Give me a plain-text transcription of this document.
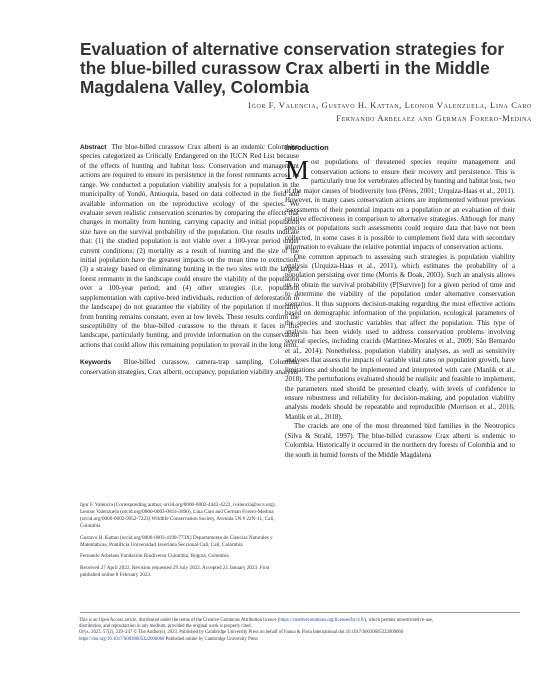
Evaluation of alternative conservation strategies for the blue-billed curassow Crax alberti in the Middle Magdalena Valley, Colombia
Igor F. Valencia, Gustavo H. Kattan, Leonor Valenzuela, Lina Caro
Fernando Arbelaez and German Forero-Medina

Abstract The blue-billed curassow Crax alberti is an endemic Colombian species categorized as Critically Endangered on the IUCN Red List because of the effects of hunting and habitat loss. Conservation and management actions are required to ensure its persistence in the forest remnants across its range. We conducted a population viability analysis for a population in the municipality of Yondó, Antioquia, based on data collected in the field and available information on the reproductive ecology of the species. We evaluate seven realistic conservation scenarios by comparing the effects that changes in mortality from hunting, carrying capacity and initial population size have on the survival probability of the population. Our results indicate that: (1) the studied population is not viable over a 100-year period under current conditions; (2) mortality as a result of hunting and the size of the initial population have the greatest impacts on the mean time to extinction; (3) a strategy based on eliminating hunting in the two sites with the largest forest remnants in the landscape could ensure the viability of the population over a 100-year period; and (4) other strategies (i.e. population supplementation with captive-bred individuals, reduction of deforestation in the landscape) do not guarantee the viability of the population if mortality from hunting remains constant, even at low levels. These results confirm the susceptibility of the blue-billed curassow to the threats it faces in this landscape, particularly hunting, and provide information on the conservation actions that could allow this remaining population to prevail in the long term.

Keywords Blue-billed curassow, camera-trap sampling, Colombia, conservation strategies, Crax alberti, occupancy, population viability analysis

Igor F. Valencia (Corresponding author, orcid.org/0000-0002-4442-4222, ivalencia@wcs.org), Leonor Valenzuela (orcid.org/0000-0003-0814-3890), Lina Caro and German Forero-Medina (orcid.org/0000-0002-9952-7223) Wildlife Conservation Society, Avenida 5N # 22N-11, Cali, Colombia
Gustavo H. Kattan (orcid.org/0000-0003-4198-773X) Departamento de Ciencias Naturales y Matemáticas, Pontificia Universidad Javeriana Seccional Cali, Cali, Colombia
Fernando Arbelaez Fundación Biodiversa Colombia, Bogotá, Colombia
Received 27 April 2022. Revision requested 29 July 2022. Accepted 25 January 2023. First published online 8 February 2023.
Introduction

Most populations of threatened species require management and conservation actions to ensure their recovery and persistence. This is particularly true for vertebrates affected by hunting and habitat loss, two of the major causes of biodiversity loss (Péres, 2001; Urquiza-Haas et al., 2011). However, in many cases conservation actions are implemented without previous assessments of their potential impacts on a population or an evaluation of their relative effectiveness in comparison to alternative strategies. Although for many species or populations such assessments could require data that have not been collected, in some cases it is possible to complement field data with secondary information to evaluate the relative potential impacts of conservation actions.

One common approach to assessing such strategies is population viability analysis (Urquiza-Haas et al., 2011), which estimates the probability of a population persisting over time (Morris & Doak, 2003). Such an analysis allows us to obtain the survival probability (P[Survive]) for a given period of time and to determine the viability of the population under alternative conservation scenarios. It thus supports decision-making regarding the most effective actions based on demographic information of the population, ecological parameters of the species and stochastic variables that affect the population. This type of analysis has been widely used to address conservation problems involving several species, including cracids (Martínez-Morales et al., 2009; São Bernardo et al., 2014). Nonetheless, population viability analyses, as well as sensitivity analyses that assess the impacts of variable vital rates on population growth, have limitations and should be implemented and interpreted with care (Manlik et al., 2018). The perturbations evaluated should be realistic and feasible to implement, the parameters used should be presented clearly, with levels of confidence to ensure robustness and reliability for decision-making, and population viability analysis models should be repeatable and reproducible (Morrison et al., 2016; Manlik et al., 2018).

The cracids are one of the most threatened bird families in the Neotropics (Silva & Strahl, 1997). The blue-billed curassow Crax alberti is endemic to Colombia. Historically it occurred in the northern dry forests of Colombia and to the south in humid forests of the Middle Magdalena

This is an Open Access article, distributed under the terms of the Creative Commons Attribution licence (https://creativecommons.org/licenses/by/4.0/), which permits unrestricted re-use,
distribution, and reproduction in any medium, provided the original work is properly cited.
Oryx, 2023, 57(2), 239–247 © The Author(s), 2023. Published by Cambridge University Press on behalf of Fauna & Flora International doi:10.1017/S0030605322000060
https://doi.org/10.1017/S0030605322000060 Published online by Cambridge University Press
